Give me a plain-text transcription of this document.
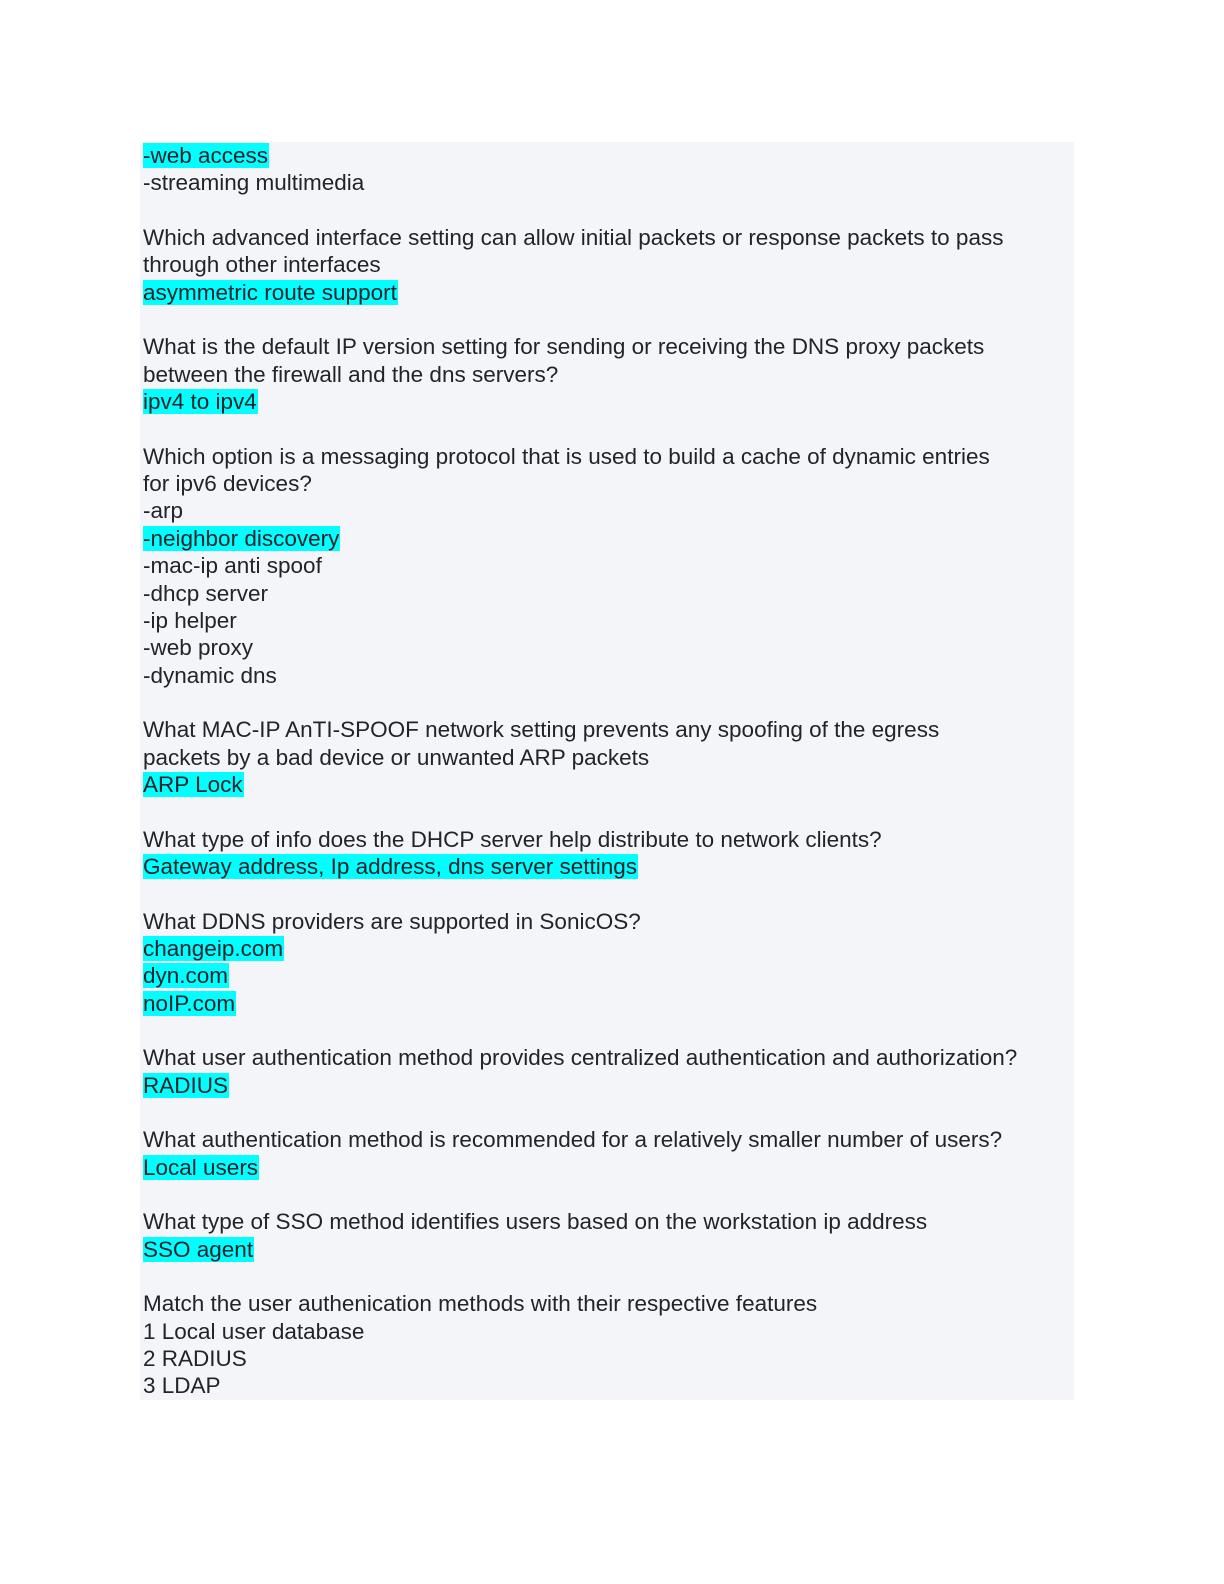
-web access
-streaming multimedia
Which advanced interface setting can allow initial packets or response packets to pass
through other interfaces
asymmetric route support
What is the default IP version setting for sending or receiving the DNS proxy packets
between the firewall and the dns servers?
ipv4 to ipv4
Which option is a messaging protocol that is used to build a cache of dynamic entries
for ipv6 devices?
-arp
-neighbor discovery
-mac-ip anti spoof
-dhcp server
-ip helper
-web proxy
-dynamic dns
What MAC-IP AnTI-SPOOF network setting prevents any spoofing of the egress
packets by a bad device or unwanted ARP packets
ARP Lock
What type of info does the DHCP server help distribute to network clients?
Gateway address, Ip address, dns server settings
What DDNS providers are supported in SonicOS?
changeip.com
dyn.com
noIP.com
What user authentication method provides centralized authentication and authorization?
RADIUS
What authentication method is recommended for a relatively smaller number of users?
Local users
What type of SSO method identifies users based on the workstation ip address
SSO agent
Match the user authenication methods with their respective features
1 Local user database
2 RADIUS
3 LDAP
